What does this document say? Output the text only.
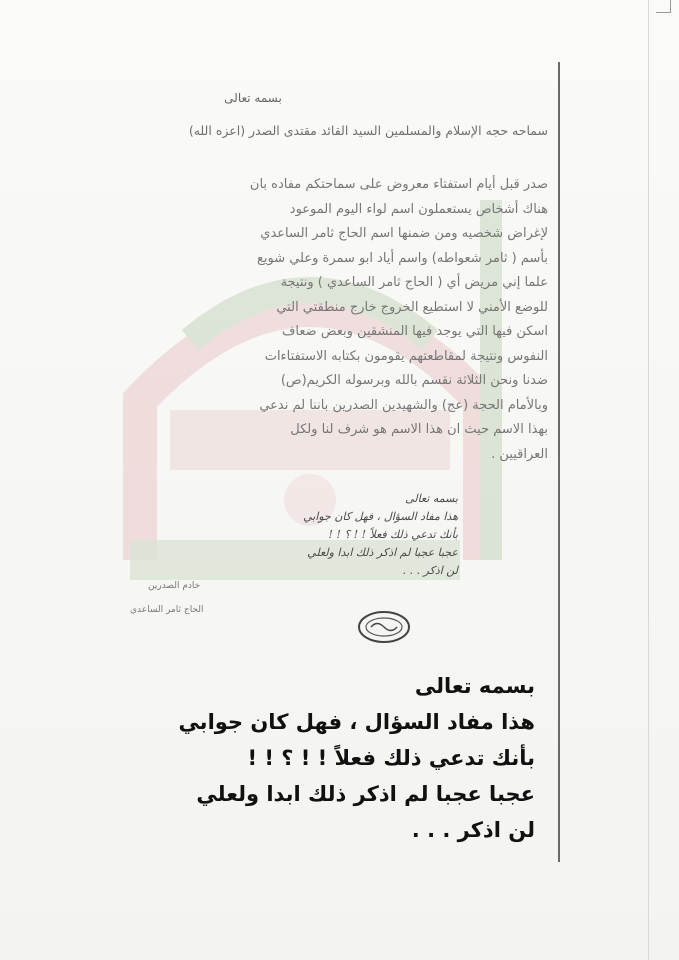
بسمه تعالى
سماحه حجه الإسلام والمسلمين السيد القائد مقتدى الصدر (اعزه الله)
صدر قبل أيام استفتاء معروض على سماحتكم مفاده بان
هناك أشخاص يستعملون اسم لواء اليوم الموعود
لإغراض شخصيه ومن ضمنها اسم الحاج ثامر الساعدي
بأسم ( ثامر شعواطه) واسم أياد ابو سمرة وعلي شويع
علما إني مريض أي ( الحاج ثامر الساعدي ) ونتيجة
للوضع الأمني لا استطيع الخروج خارج منطقتي التي
اسكن فيها التي يوجد فيها المنشقين وبعض ضعاف
النفوس ونتيجة لمقاطعتهم يقومون بكتابه الاستفتاءات
ضدنا ونحن الثلاثة نقسم بالله وبرسوله الكريم(ص)
وبالأمام الحجة (عج) والشهيدين الصدرين باننا لم ندعي
بهذا الاسم حيث ان هذا الاسم هو شرف لنا ولكل
العراقيين .
بسمه تعالى
هذا مفاد السؤال ، فهل كان جوابي
بأنك تدعي ذلك فعلاً ! ! ؟ ! !
عجبا عجبا لم اذكر ذلك ابدا ولعلي
لن اذكر . . .
خادم الصدرين
الحاج ثامر الساعدي
بسمه تعالى
هذا مفاد السؤال ، فهل كان جوابي
بأنك تدعي ذلك فعلاً ! ! ؟ ! !
عجبا عجبا لم اذكر ذلك ابدا ولعلي
لن اذكر . . .
